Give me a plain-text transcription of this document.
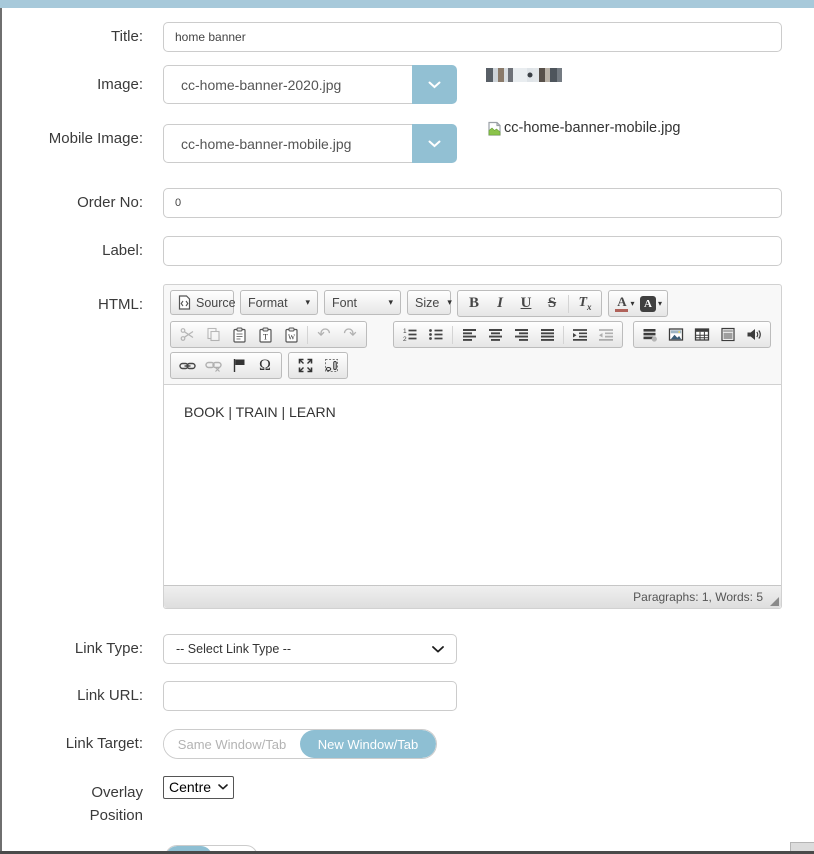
Title:
home banner
Image:	cc-home-banner-2020.jpg
Mobile Image:	cc-home-banner-mobile.jpg
cc-home-banner-mobile.jpg
Order No:
0
Label:
HTML:	Source Format	▾ Font	▾ Size ▾ B I U S $T_x$ A ▾ A ▾
T	W ↶ ↷	1
2
Ω
BOOK | TRAIN | LEARN
Paragraphs: 1, Words: 5
Link Type:	-- Select Link Type --
Link URL:
Link Target:	Same Window/Tab	New Window/Tab
Overlay Position
Centre
